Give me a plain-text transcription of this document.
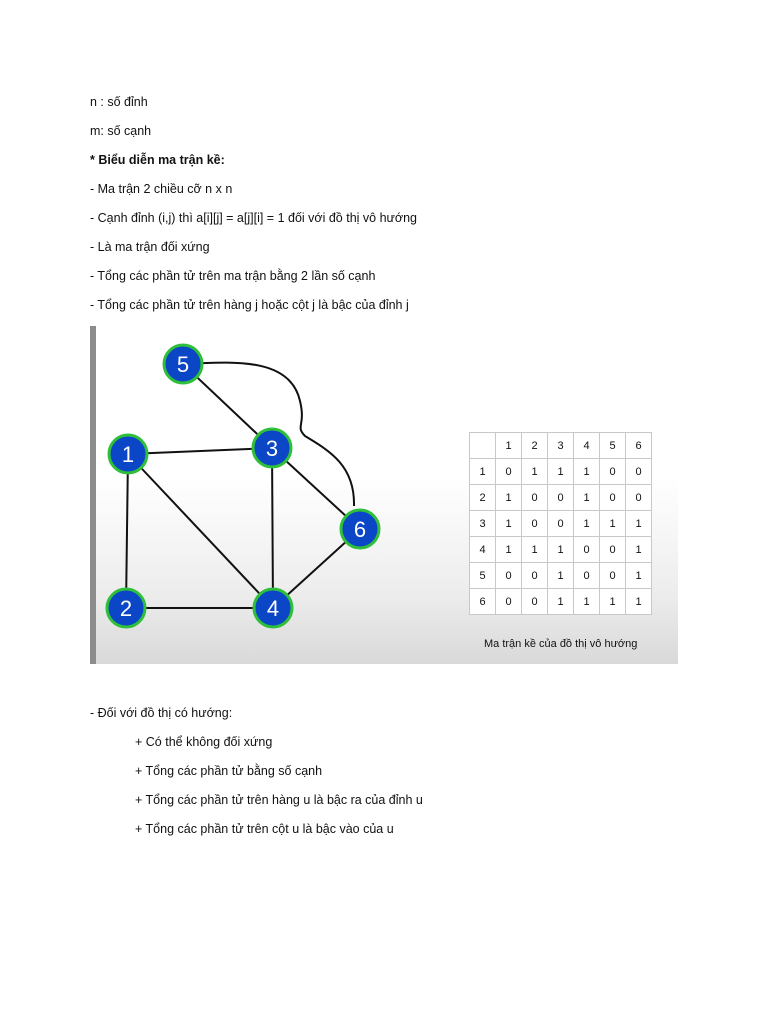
n : số đỉnh
m: số cạnh
* Biểu diễn ma trận kề:
- Ma trận 2 chiều cỡ n x n
- Cạnh đỉnh (i,j) thì a[i][j] = a[j][i] = 1 đối với đồ thị vô hướng
- Là ma trận đối xứng
- Tổng các phần tử trên ma trận bằng 2 lần số cạnh
- Tổng các phần tử trên hàng j hoặc cột j là bậc của đỉnh j
5
1	3
6
2	4
	1	2	3	4	5	6
1	0	1	1	1	0	0
2	1	0	0	1	0	0
3	1	0	0	1	1	1
4	1	1	1	0	0	1
5	0	0	1	0	0	1
6	0	0	1	1	1	1
Ma trận kề của đồ thị vô hướng
- Đối với đồ thị có hướng:
+ Có thể không đối xứng
+ Tổng các phần tử bằng số cạnh
+ Tổng các phần tử trên hàng u là bậc ra của đỉnh u
+ Tổng các phần tử trên cột u là bậc vào của u
